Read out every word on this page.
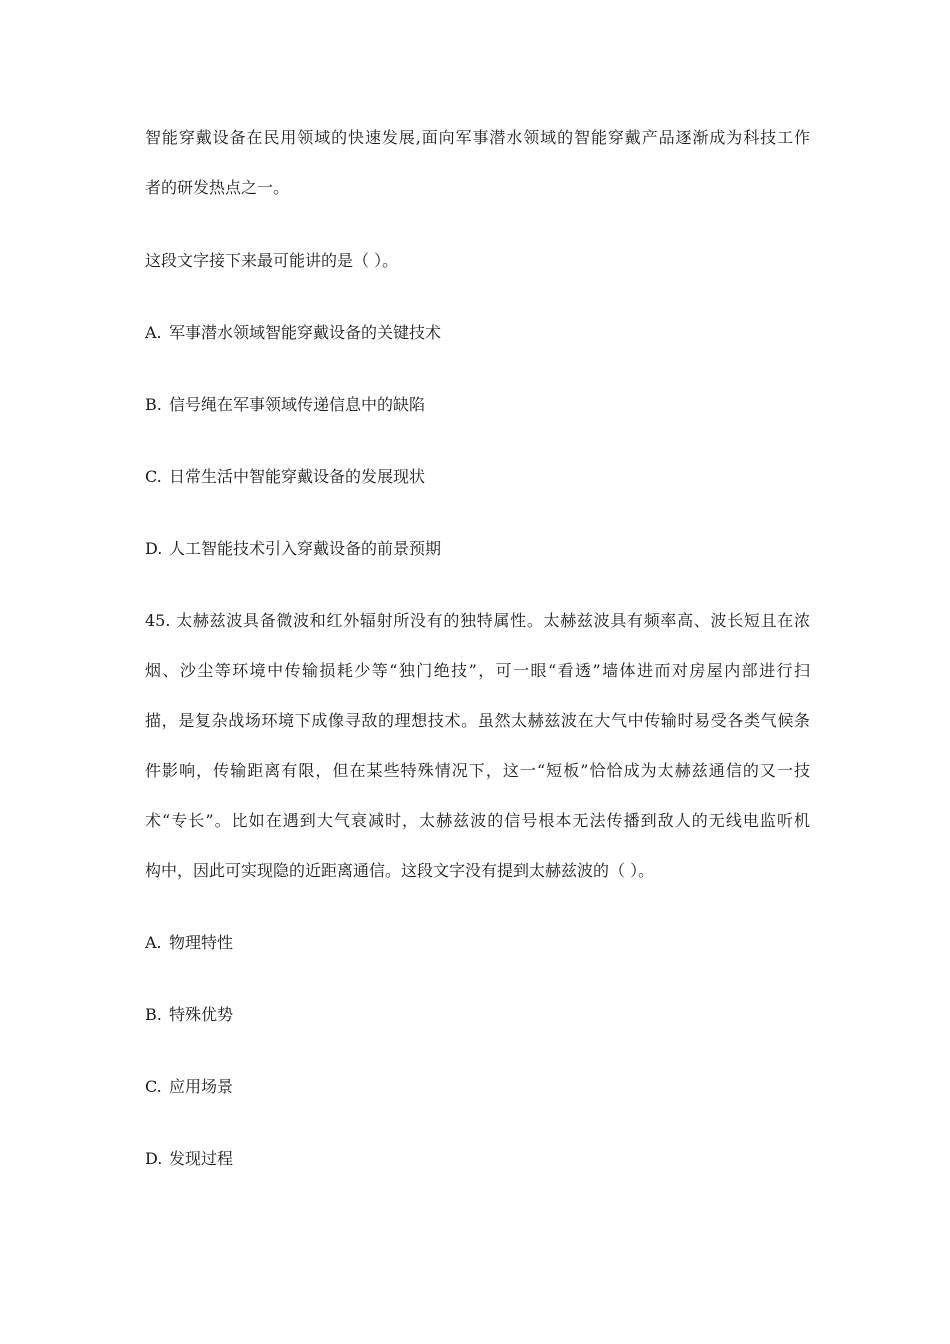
智能穿戴设备在民用领域的快速发展,面向军事潜水领域的智能穿戴产品逐渐成为科技工作
者的研发热点之一。
这段文字接下来最可能讲的是（ ）。
A. 军事潜水领域智能穿戴设备的关键技术
B. 信号绳在军事领域传递信息中的缺陷
C. 日常生活中智能穿戴设备的发展现状
D. 人工智能技术引入穿戴设备的前景预期
45. 太赫兹波具备微波和红外辐射所没有的独特属性。太赫兹波具有频率高、波长短且在浓
烟、沙尘等环境中传输损耗少等“独门绝技”，可一眼“看透”墙体进而对房屋内部进行扫
描，是复杂战场环境下成像寻敌的理想技术。虽然太赫兹波在大气中传输时易受各类气候条
件影响，传输距离有限，但在某些特殊情况下，这一“短板”恰恰成为太赫兹通信的又一技
术“专长”。比如在遇到大气衰减时，太赫兹波的信号根本无法传播到敌人的无线电监听机
构中，因此可实现隐的近距离通信。这段文字没有提到太赫兹波的（ ）。
A. 物理特性
B. 特殊优势
C. 应用场景
D. 发现过程
